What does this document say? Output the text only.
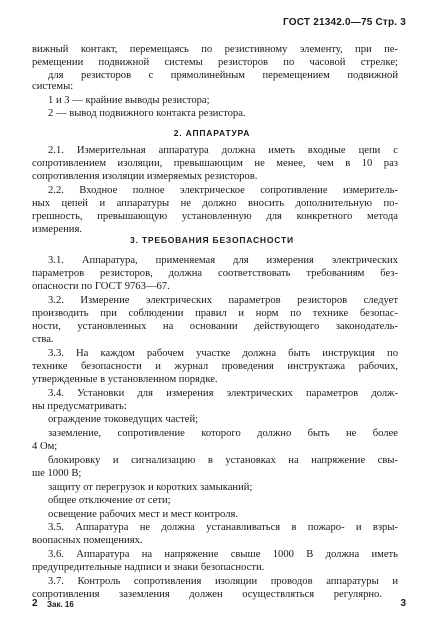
ГОСТ 21342.0—75 Стр. 3
вижный контакт, перемещаясь по резистивному элементу, при пе-
ремещении подвижной системы резисторов по часовой стрелке;
для резисторов с прямолинейным перемещением подвижной
системы:
1 и 3 — крайние выводы резистора;
2 — вывод подвижного контакта резистора.
2. АППАРАТУРА
2.1. Измерительная аппаратура должна иметь входные цепи с
сопротивлением изоляции, превышающим не менее, чем в 10 раз
сопротивления изоляции измеряемых резисторов.
2.2. Входное полное электрическое сопротивление измеритель-
ных цепей и аппаратуры не должно вносить дополнительную по-
грешность, превышающую установленную для конкретного метода
измерения.
3. ТРЕБОВАНИЯ БЕЗОПАСНОСТИ
3.1. Аппаратура, применяемая для измерения электрических
параметров резисторов, должна соответствовать требованиям без-
опасности по ГОСТ 9763—67.
3.2. Измерение электрических параметров резисторов следует
производить при соблюдении правил и норм по технике безопас-
ности, установленных на основании действующего законодатель-
ства.
3.3. На каждом рабочем участке должна быть инструкция по
технике безопасности и журнал проведения инструктажа рабочих,
утвержденные в установленном порядке.
3.4. Установки для измерения электрических параметров долж-
ны предусматривать:
ограждение токоведущих частей;
заземление, сопротивление которого должно быть не более
4 Ом;
блокировку и сигнализацию в установках на напряжение свы-
ше 1000 В;
защиту от перегрузок и коротких замыканий;
общее отключение от сети;
освещение рабочих мест и мест контроля.
3.5. Аппаратура не должна устанавливаться в пожаро- и взры-
воопасных помещениях.
3.6. Аппаратура на напряжение свыше 1000 В должна иметь
предупредительные надписи и знаки безопасности.
3.7. Контроль сопротивления изоляции проводов аппаратуры и
сопротивления заземления должен осуществляться регулярно.
2 Зак. 16	3
